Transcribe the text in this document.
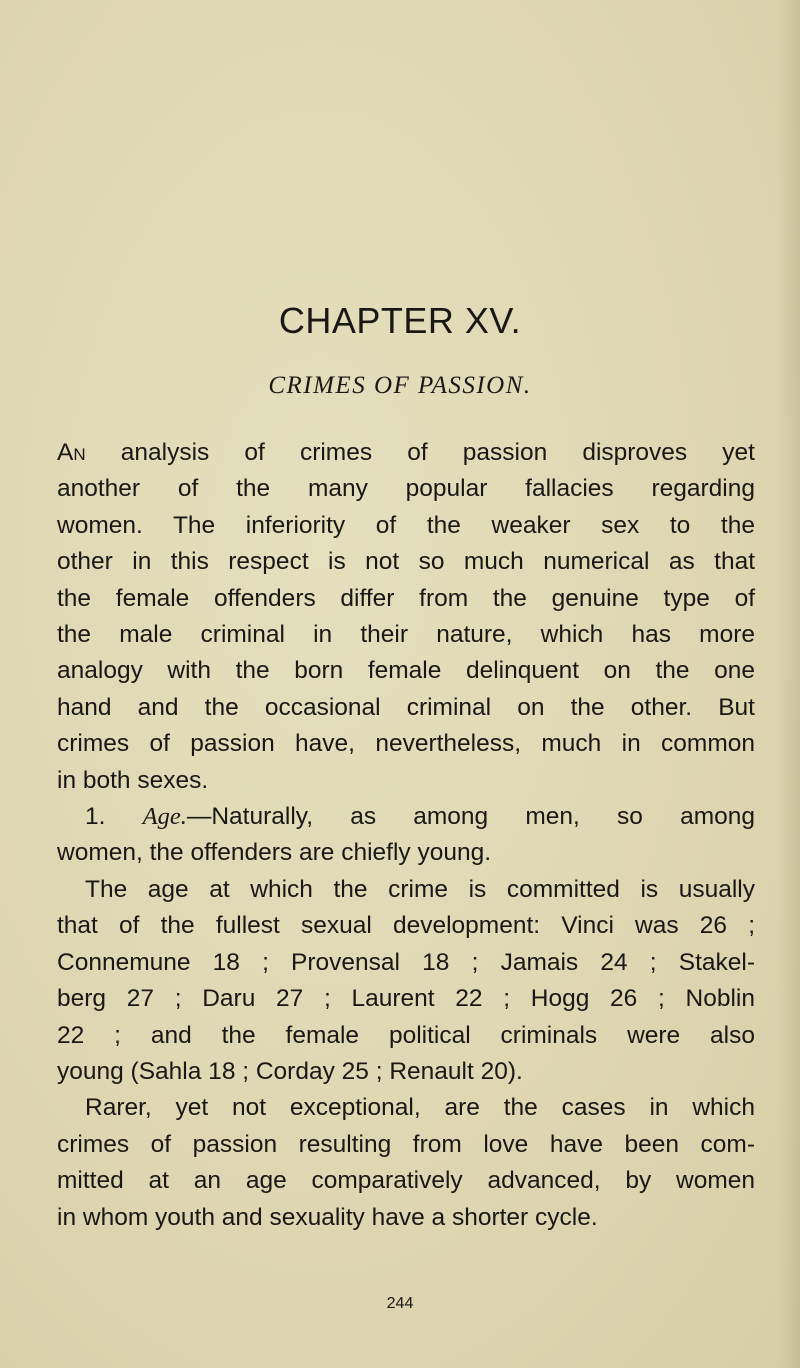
CHAPTER XV.
CRIMES OF PASSION.
An analysis of crimes of passion disproves yet
another of the many popular fallacies regarding
women. The inferiority of the weaker sex to the
other in this respect is not so much numerical as that
the female offenders differ from the genuine type of
the male criminal in their nature, which has more
analogy with the born female delinquent on the one
hand and the occasional criminal on the other. But
crimes of passion have, nevertheless, much in common
in both sexes.
1. Age.—Naturally, as among men, so among
women, the offenders are chiefly young.
The age at which the crime is committed is usually
that of the fullest sexual development: Vinci was 26 ;
Connemune 18 ; Provensal 18 ; Jamais 24 ; Stakel-
berg 27 ; Daru 27 ; Laurent 22 ; Hogg 26 ; Noblin
22 ; and the female political criminals were also
young (Sahla 18 ; Corday 25 ; Renault 20).
Rarer, yet not exceptional, are the cases in which
crimes of passion resulting from love have been com-
mitted at an age comparatively advanced, by women
in whom youth and sexuality have a shorter cycle.
244
